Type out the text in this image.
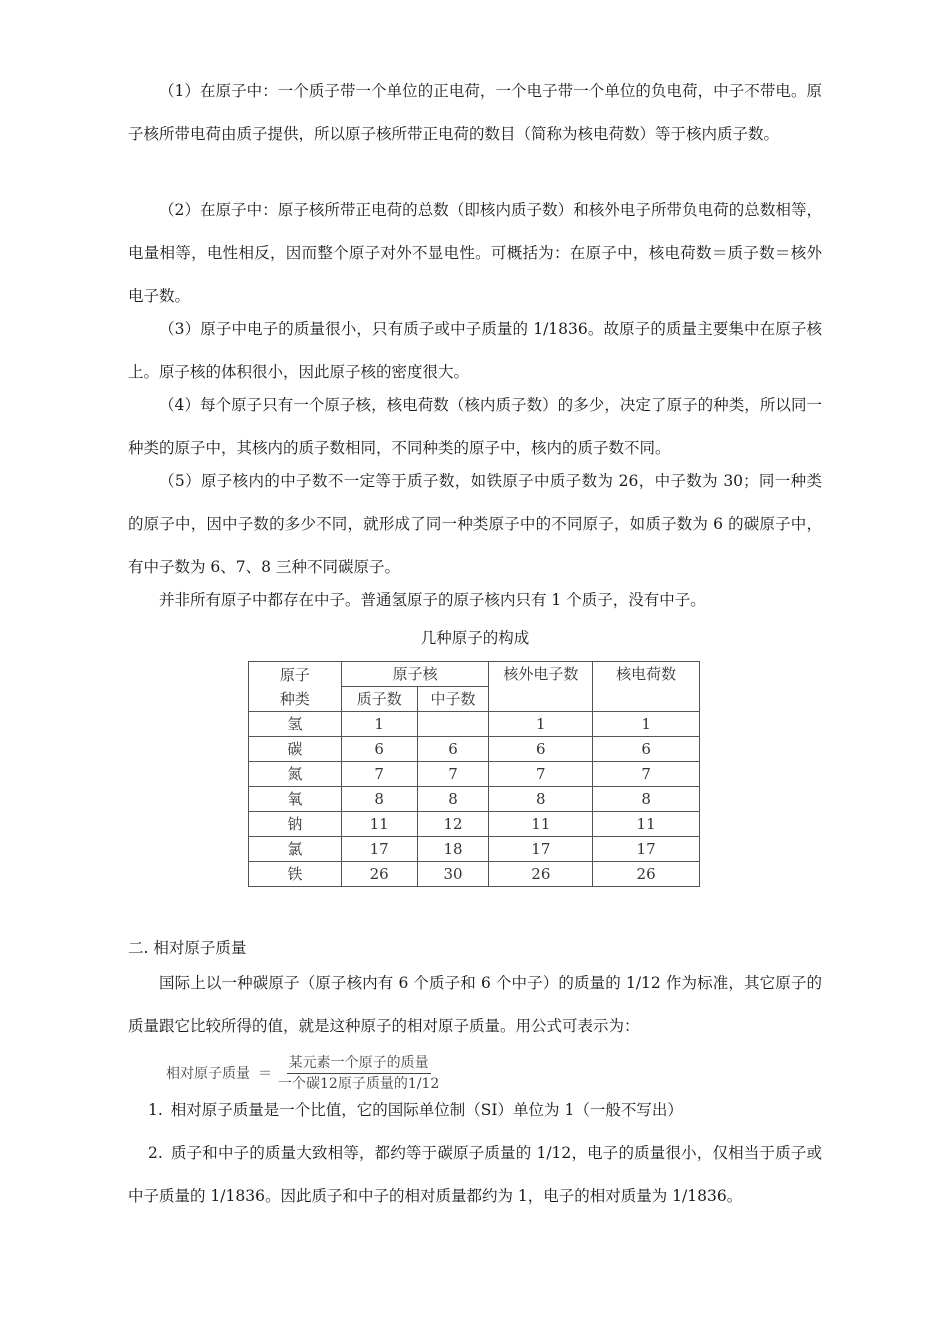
（1）在原子中：一个质子带一个单位的正电荷，一个电子带一个单位的负电荷，中子不带电。原子核所带电荷由质子提供，所以原子核所带正电荷的数目（简称为核电荷数）等于核内质子数。

（2）在原子中：原子核所带正电荷的总数（即核内质子数）和核外电子所带负电荷的总数相等，电量相等，电性相反，因而整个原子对外不显电性。可概括为：在原子中，核电荷数＝质子数＝核外电子数。

（3）原子中电子的质量很小，只有质子或中子质量的 1/1836。故原子的质量主要集中在原子核上。原子核的体积很小，因此原子核的密度很大。

（4）每个原子只有一个原子核，核电荷数（核内质子数）的多少，决定了原子的种类，所以同一种类的原子中，其核内的质子数相同，不同种类的原子中，核内的质子数不同。

（5）原子核内的中子数不一定等于质子数，如铁原子中质子数为 26，中子数为 30；同一种类的原子中，因中子数的多少不同，就形成了同一种类原子中的不同原子，如质子数为 6 的碳原子中，有中子数为 6、7、8 三种不同碳原子。

并非所有原子中都存在中子。普通氢原子的原子核内只有 1 个质子，没有中子。

几种原子的构成
原子
种类	原子核		核外电子数	核电荷数
	质子数	中子数		
氢	1		1	1
碳	6	6	6	6
氮	7	7	7	7
氧	8	8	8	8
钠	11	12	11	11
氯	17	18	17	17
铁	26	30	26	26
二. 相对原子质量

国际上以一种碳原子（原子核内有 6 个质子和 6 个中子）的质量的 1/12 作为标准，其它原子的质量跟它比较所得的值，就是这种原子的相对原子质量。用公式可表示为：

相对原子质量 ＝ $\frac{\text{某元素一个原子的质量}}{\text{一个碳12原子质量的1/12}}$

1. 相对原子质量是一个比值，它的国际单位制（SI）单位为 1（一般不写出）

2. 质子和中子的质量大致相等，都约等于碳原子质量的 1/12，电子的质量很小，仅相当于质子或中子质量的 1/1836。因此质子和中子的相对质量都约为 1，电子的相对质量为 1/1836。
